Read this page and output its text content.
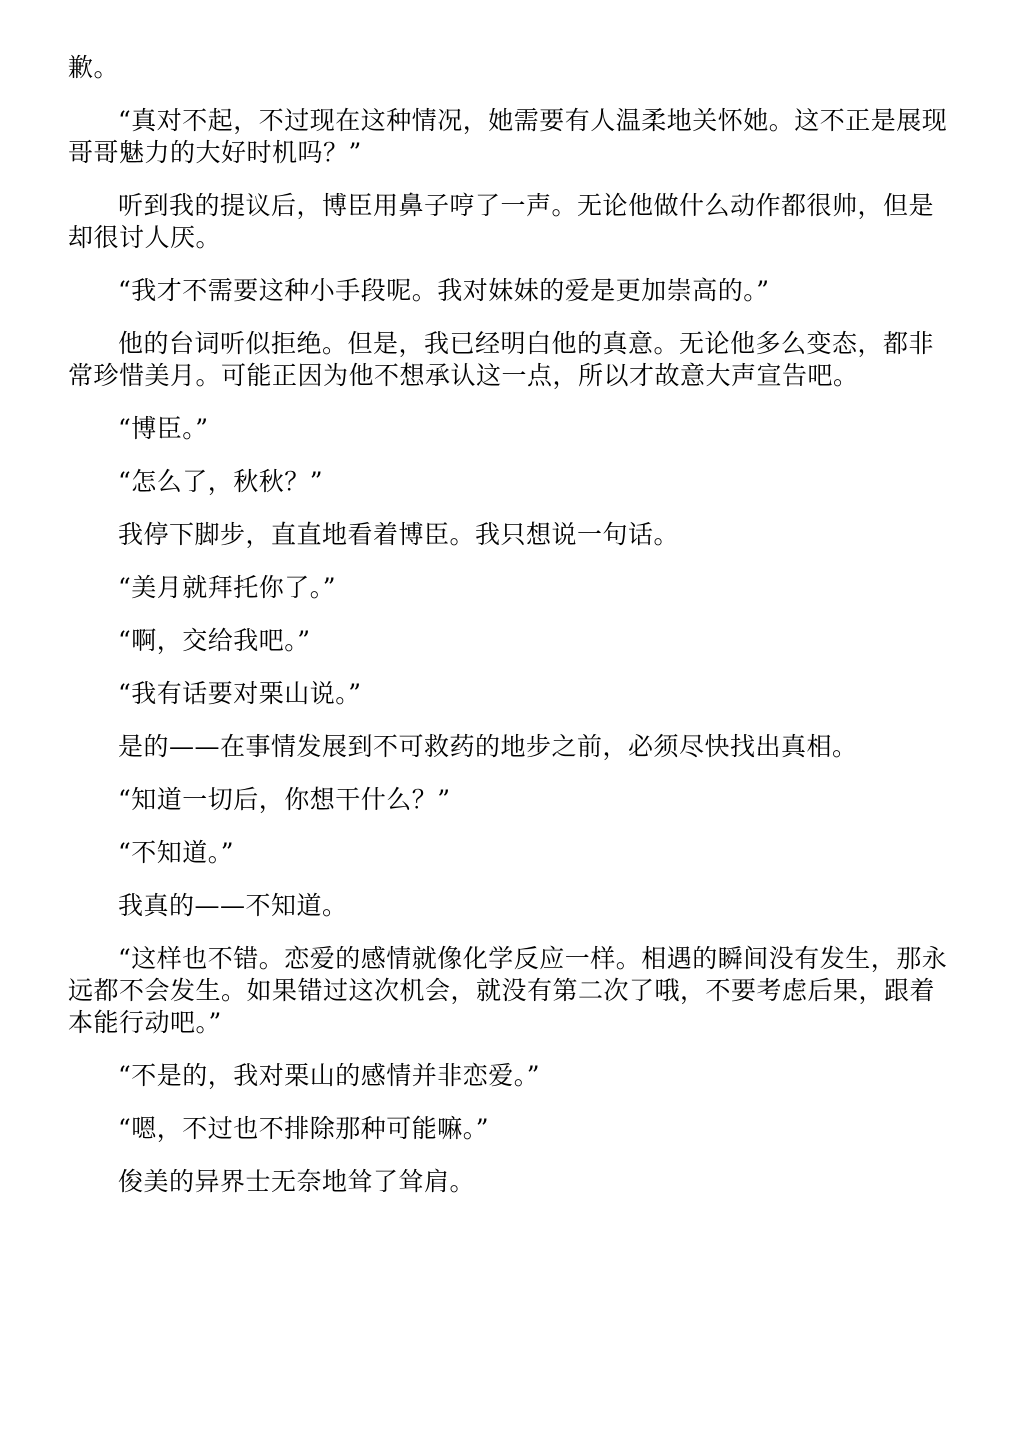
歉。

“真对不起，不过现在这种情况，她需要有人温柔地关怀她。这不正是展现哥哥魅力的大好时机吗？”

听到我的提议后，博臣用鼻子哼了一声。无论他做什么动作都很帅，但是却很讨人厌。

“我才不需要这种小手段呢。我对妹妹的爱是更加崇高的。”

他的台词听似拒绝。但是，我已经明白他的真意。无论他多么变态，都非常珍惜美月。可能正因为他不想承认这一点，所以才故意大声宣告吧。

“博臣。”

“怎么了，秋秋？”

我停下脚步，直直地看着博臣。我只想说一句话。

“美月就拜托你了。”

“啊，交给我吧。”

“我有话要对栗山说。”

是的——在事情发展到不可救药的地步之前，必须尽快找出真相。

“知道一切后，你想干什么？”

“不知道。”

我真的——不知道。

“这样也不错。恋爱的感情就像化学反应一样。相遇的瞬间没有发生，那永远都不会发生。如果错过这次机会，就没有第二次了哦，不要考虑后果，跟着本能行动吧。”

“不是的，我对栗山的感情并非恋爱。”

“嗯，不过也不排除那种可能嘛。”

俊美的异界士无奈地耸了耸肩。
